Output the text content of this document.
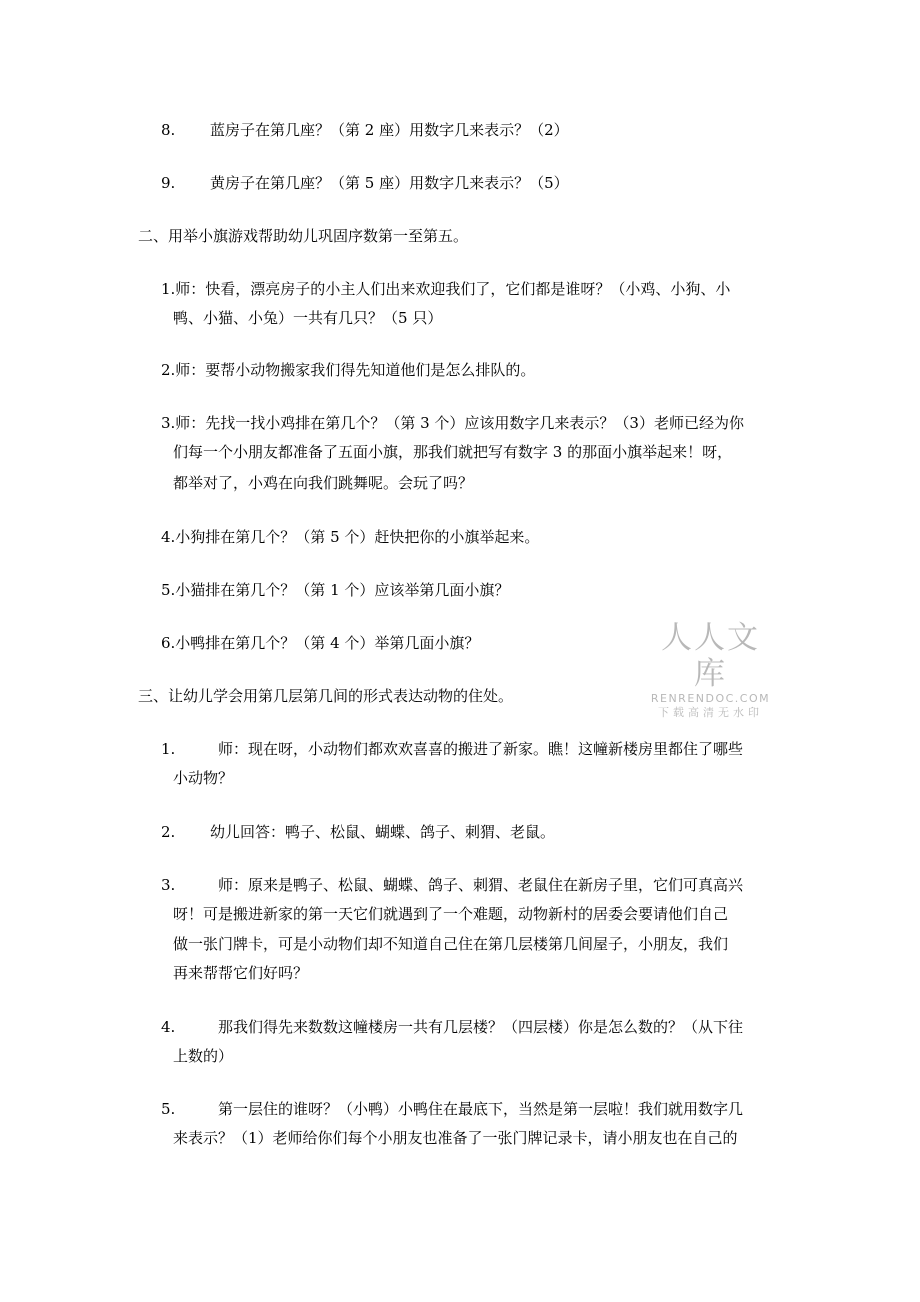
8. 蓝房子在第几座？（第 2 座）用数字几来表示？（2）
9. 黄房子在第几座？（第 5 座）用数字几来表示？（5）
二、用举小旗游戏帮助幼儿巩固序数第一至第五。
1.师：快看，漂亮房子的小主人们出来欢迎我们了，它们都是谁呀？（小鸡、小狗、小
鸭、小猫、小兔）一共有几只？（5 只）
2.师：要帮小动物搬家我们得先知道他们是怎么排队的。
3.师：先找一找小鸡排在第几个？（第 3 个）应该用数字几来表示？（3）老师已经为你
们每一个小朋友都准备了五面小旗，那我们就把写有数字 3 的那面小旗举起来！呀，
都举对了，小鸡在向我们跳舞呢。会玩了吗？
4.小狗排在第几个？（第 5 个）赶快把你的小旗举起来。
5.小猫排在第几个？（第 1 个）应该举第几面小旗？
6.小鸭排在第几个？（第 4 个）举第几面小旗？	人人文库
RENRENDOC.COM
下载高清无水印
三、让幼儿学会用第几层第几间的形式表达动物的住处。
1.	师：现在呀，小动物们都欢欢喜喜的搬进了新家。瞧！这幢新楼房里都住了哪些
小动物？
2. 幼儿回答：鸭子、松鼠、蝴蝶、鸽子、刺猬、老鼠。
3.	师：原来是鸭子、松鼠、蝴蝶、鸽子、刺猬、老鼠住在新房子里，它们可真高兴
呀！可是搬进新家的第一天它们就遇到了一个难题，动物新村的居委会要请他们自己
做一张门牌卡，可是小动物们却不知道自己住在第几层楼第几间屋子，小朋友，我们
再来帮帮它们好吗？
4.	那我们得先来数数这幢楼房一共有几层楼？（四层楼）你是怎么数的？（从下往
上数的）
5.	第一层住的谁呀？（小鸭）小鸭住在最底下，当然是第一层啦！我们就用数字几
来表示？（1）老师给你们每个小朋友也准备了一张门牌记录卡，请小朋友也在自己的
